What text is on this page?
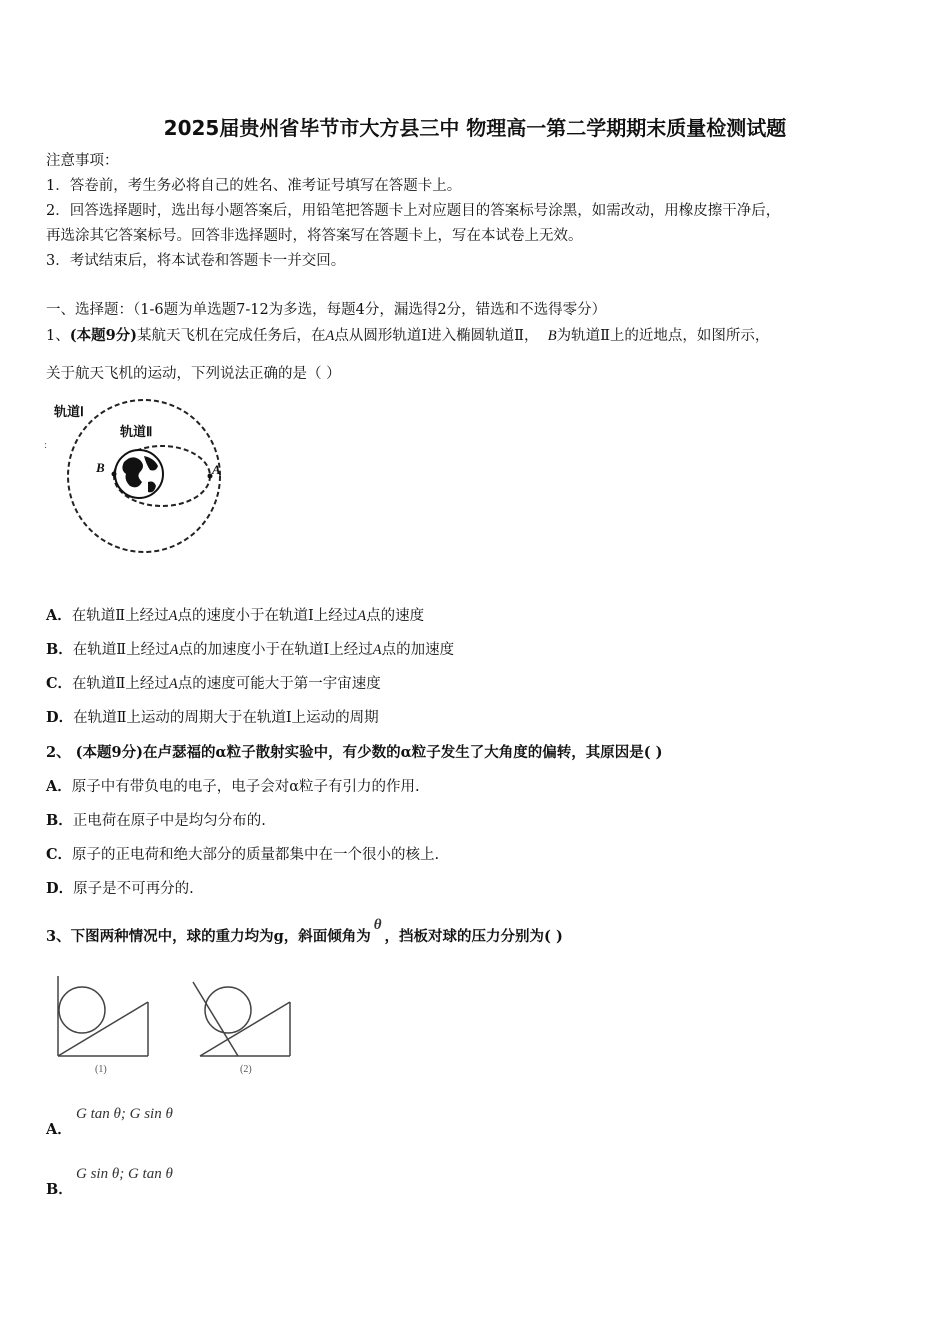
2025届贵州省毕节市大方县三中 物理高一第二学期期末质量检测试题
注意事项：
1．答卷前，考生务必将自己的姓名、准考证号填写在答题卡上。
2．回答选择题时，选出每小题答案后，用铅笔把答题卡上对应题目的答案标号涂黑，如需改动，用橡皮擦干净后，
再选涂其它答案标号。回答非选择题时，将答案写在答题卡上，写在本试卷上无效。
3．考试结束后，将本试卷和答题卡一并交回。
一、选择题：（1-6题为单选题7-12为多选，每题4分，漏选得2分，错选和不选得零分）
1、(本题9分)某航天飞机在完成任务后，在A点从圆形轨道Ⅰ进入椭圆轨道Ⅱ， B为轨道Ⅱ上的近地点，如图所示，
关于航天飞机的运动，下列说法正确的是（ ）
轨道Ⅰ
轨道Ⅱ
B	A
:
A．在轨道Ⅱ上经过A点的速度小于在轨道Ⅰ上经过A点的速度
B．在轨道Ⅱ上经过A点的加速度小于在轨道Ⅰ上经过A点的加速度
C．在轨道Ⅱ上经过A点的速度可能大于第一宇宙速度
D．在轨道Ⅱ上运动的周期大于在轨道Ⅰ上运动的周期
2、 (本题9分)在卢瑟福的α粒子散射实验中，有少数的α粒子发生了大角度的偏转，其原因是( )
A．原子中有带负电的电子，电子会对α粒子有引力的作用.
B．正电荷在原子中是均匀分布的.
C．原子的正电荷和绝大部分的质量都集中在一个很小的核上.
D．原子是不可再分的.
3、下图两种情况中，球的重力均为g，斜面倾角为θ，挡板对球的压力分别为( )
(1)	(2)
G tan θ; G sin θ
A．
G sin θ; G tan θ
B．
